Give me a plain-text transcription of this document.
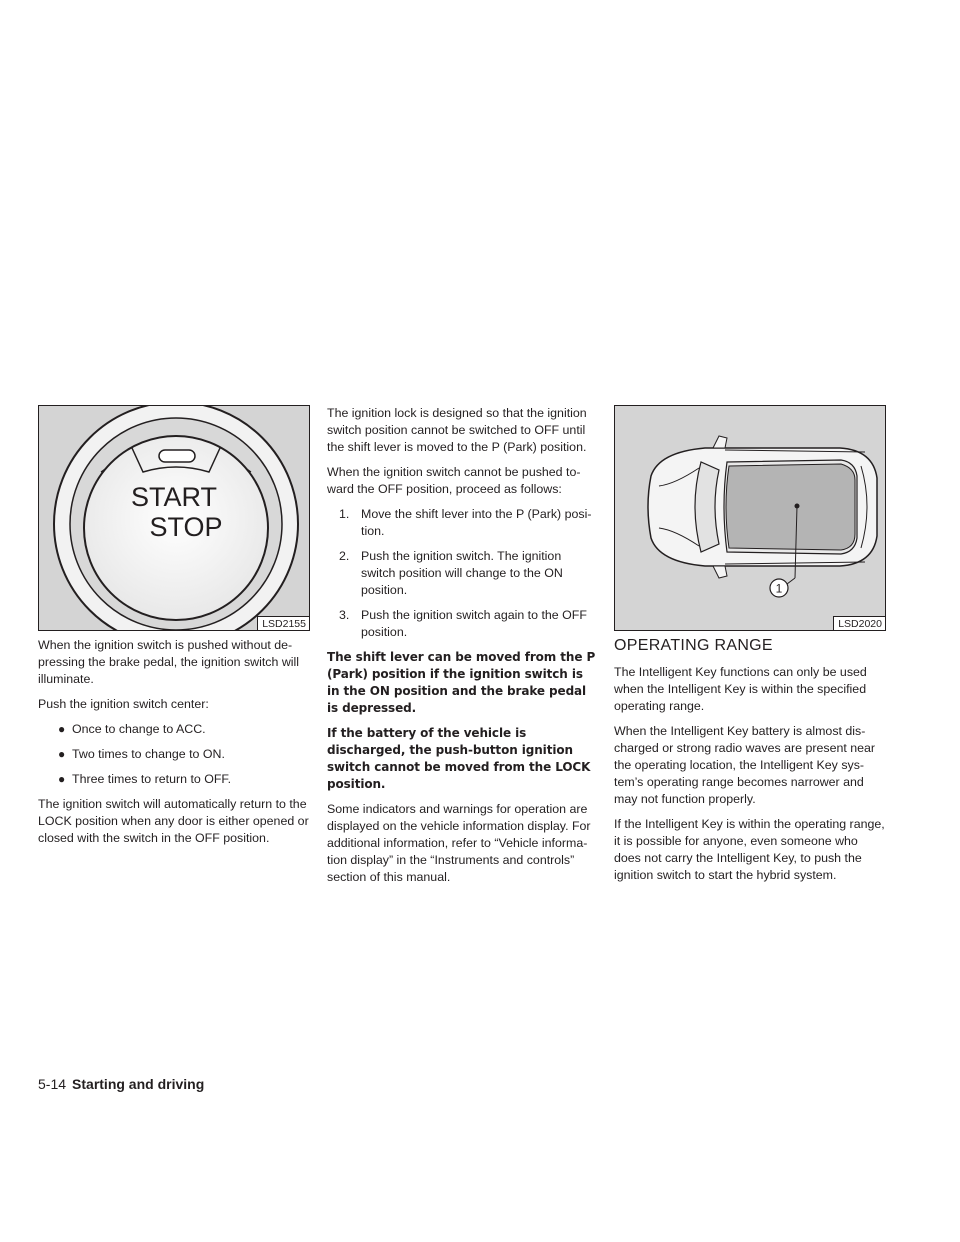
START
STOP
LSD2155

When the ignition switch is pushed without de-pressing the brake pedal, the ignition switch will illuminate.

Push the ignition switch center:

● Once to change to ACC.
● Two times to change to ON.
● Three times to return to OFF.

The ignition switch will automatically return to the LOCK position when any door is either opened or closed with the switch in the OFF position.

The ignition lock is designed so that the ignition switch position cannot be switched to OFF until the shift lever is moved to the P (Park) position.

When the ignition switch cannot be pushed to-ward the OFF position, proceed as follows:

1. Move the shift lever into the P (Park) posi-tion.
2. Push the ignition switch. The ignition switch position will change to the ON position.
3. Push the ignition switch again to the OFF position.

The shift lever can be moved from the P (Park) position if the ignition switch is in the ON position and the brake pedal is depressed.

If the battery of the vehicle is discharged, the push-button ignition switch cannot be moved from the LOCK position.

Some indicators and warnings for operation are displayed on the vehicle information display. For additional information, refer to “Vehicle informa-tion display” in the “Instruments and controls” section of this manual.

1
LSD2020
OPERATING RANGE

The Intelligent Key functions can only be used when the Intelligent Key is within the specified operating range.

When the Intelligent Key battery is almost dis-charged or strong radio waves are present near the operating location, the Intelligent Key sys-tem’s operating range becomes narrower and may not function properly.

If the Intelligent Key is within the operating range, it is possible for anyone, even someone who does not carry the Intelligent Key, to push the ignition switch to start the hybrid system.

5-14 Starting and driving
